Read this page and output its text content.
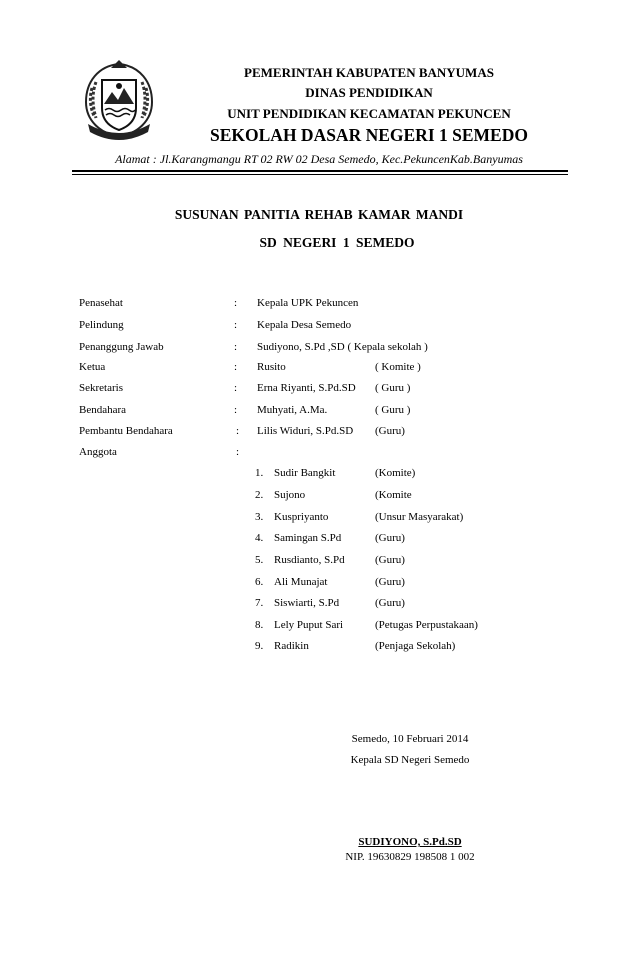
PEMERINTAH KABUPATEN BANYUMAS
DINAS PENDIDIKAN
UNIT PENDIDIKAN KECAMATAN PEKUNCEN
SEKOLAH DASAR NEGERI 1 SEMEDO
Alamat : Jl.Karangmangu RT 02 RW 02 Desa Semedo, Kec.PekuncenKab.Banyumas
SUSUNAN PANITIA REHAB KAMAR MANDI
SD NEGERI 1 SEMEDO
Penasehat	: Kepala UPK Pekuncen
Pelindung	: Kepala Desa Semedo
Penanggung Jawab	: Sudiyono, S.Pd ,SD ( Kepala sekolah )
Ketua	: Rusito	( Komite )
Sekretaris	: Erna Riyanti, S.Pd.SD ( Guru )
Bendahara	: Muhyati, A.Ma.	( Guru )
Pembantu Bendahara	: Lilis Widuri, S.Pd.SD (Guru)
Anggota	:
1. Sudir Bangkit	(Komite)
2. Sujono	(Komite
3. Kuspriyanto	(Unsur Masyarakat)
4. Samingan S.Pd	(Guru)
5. Rusdianto, S.Pd	(Guru)
6. Ali Munajat	(Guru)
7. Siswiarti, S.Pd	(Guru)
8. Lely Puput Sari	(Petugas Perpustakaan)
9. Radikin	(Penjaga Sekolah)
Semedo, 10 Februari 2014
Kepala SD Negeri Semedo
SUDIYONO, S.Pd.SD
NIP. 19630829 198508 1 002
